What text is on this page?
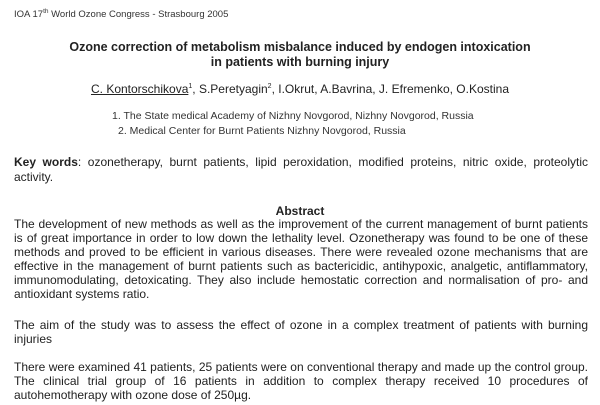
IOA 17th World Ozone Congress - Strasbourg 2005
Ozone correction of metabolism misbalance induced by endogen intoxication
in patients with burning injury
C. Kontorschikova$^1$, S.Peretyagin$^2$, I.Okrut, A.Bavrina, J. Efremenko, O.Kostina
1. The State medical Academy of Nizhny Novgorod, Nizhny Novgorod, Russia
2. Medical Center for Burnt Patients Nizhny Novgorod, Russia
Key words: ozonetherapy, burnt patients, lipid peroxidation, modified proteins, nitric oxide, proteolytic activity.
Abstract
The development of new methods as well as the improvement of the current management of burnt patients is of great importance in order to low down the lethality level. Ozonetherapy was found to be one of these methods and proved to be efficient in various diseases. There were revealed ozone mechanisms that are effective in the management of burnt patients such as bactericidic, antihypoxic, analgetic, antiflammatory, immunomodulating, detoxicating. They also include hemostatic correction and normalisation of pro- and antioxidant systems ratio.
The aim of the study was to assess the effect of ozone in a complex treatment of patients with burning injuries
There were examined 41 patients, 25 patients were on conventional therapy and made up the control group. The clinical trial group of 16 patients in addition to complex therapy received 10 procedures of autohemotherapy with ozone dose of 250µg.
